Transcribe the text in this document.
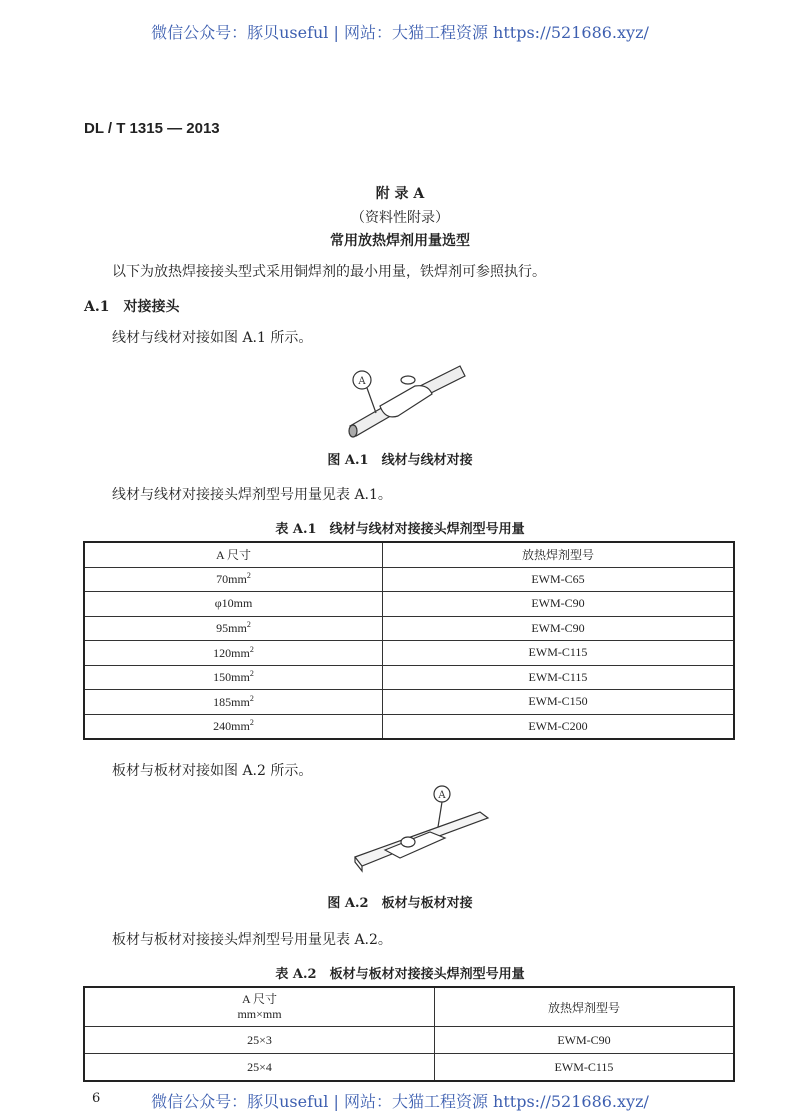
微信公众号：豚贝useful | 网站：大猫工程资源 https://521686.xyz/
DL / T 1315 — 2013
附 录 A
（资料性附录）
常用放热焊剂用量选型
以下为放热焊接接头型式采用铜焊剂的最小用量，铁焊剂可参照执行。
A.1　 对接接头
线材与线材对接如图 A.1 所示。
A
图 A.1　线材与线材对接
线材与线材对接接头焊剂型号用量见表 A.1。
表 A.1　线材与线材对接接头焊剂型号用量
A 尺寸	放热焊剂型号
$70mm^2$	EWM-C65
φ10mm	EWM-C90
$95mm^2$	EWM-C90
$120mm^2$	EWM-C115
$150mm^2$	EWM-C115
$185mm^2$	EWM-C150
$240mm^2$	EWM-C200
板材与板材对接如图 A.2 所示。
A
图 A.2　板材与板材对接
板材与板材对接接头焊剂型号用量见表 A.2。
表 A.2　板材与板材对接接头焊剂型号用量
A 尺寸
mm×mm	放热焊剂型号
25×3	EWM-C90
25×4	EWM-C115
微信公众号：豚贝useful | 网站：大猫工程资源 https://521686.xyz/
6
